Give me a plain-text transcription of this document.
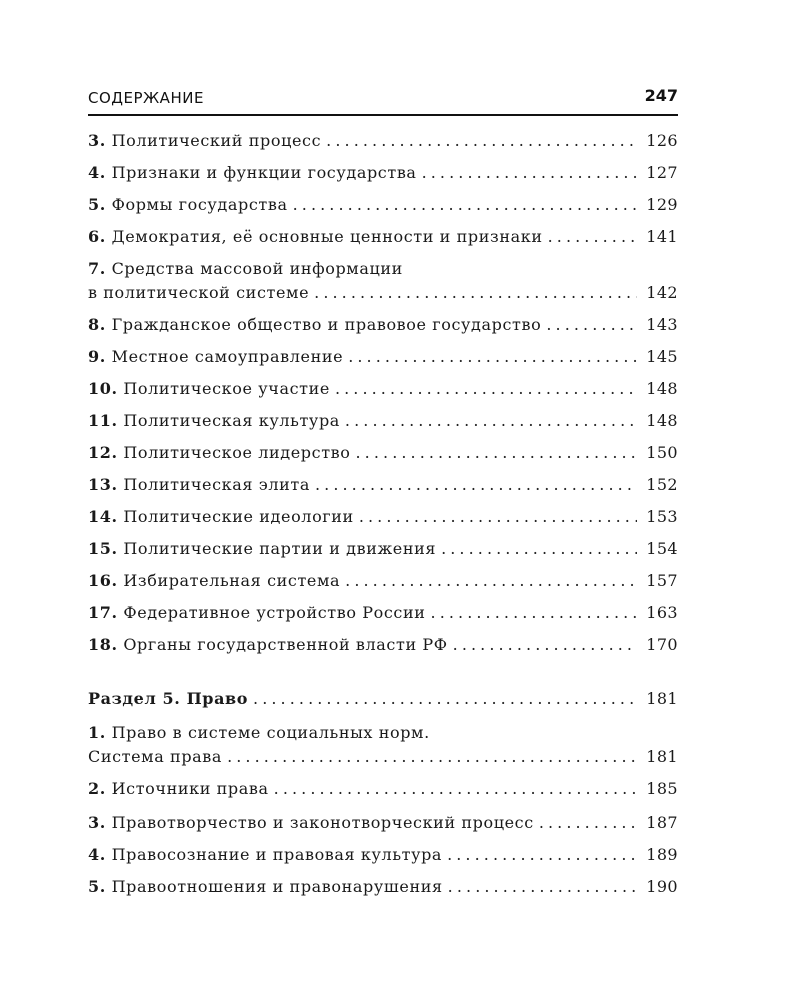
СОДЕРЖАНИЕ	247
3. Политический процесс . . .	126
4. Признаки и функции государства . . .	127
5. Формы государства . . .	129
6. Демократия, её основные ценности и признаки . . .	141
7. Средства массовой информации
в политической системе . . .	142
8. Гражданское общество и правовое государство . . .	143
9. Местное самоуправление . . .	145
10. Политическое участие . . .	148
11. Политическая культура . . .	148
12. Политическое лидерство . . .	150
13. Политическая элита . . .	152
14. Политические идеологии . . .	153
15. Политические партии и движения . . .	154
16. Избирательная система . . .	157
17. Федеративное устройство России . . .	163
18. Органы государственной власти РФ . . .	170
Раздел 5. Право . . .	181
1. Право в системе социальных норм.
Система права . . .	181
2. Источники права . . .	185
3. Правотворчество и законотворческий процесс . . .	187
4. Правосознание и правовая культура . . .	189
5. Правоотношения и правонарушения . . .	190
